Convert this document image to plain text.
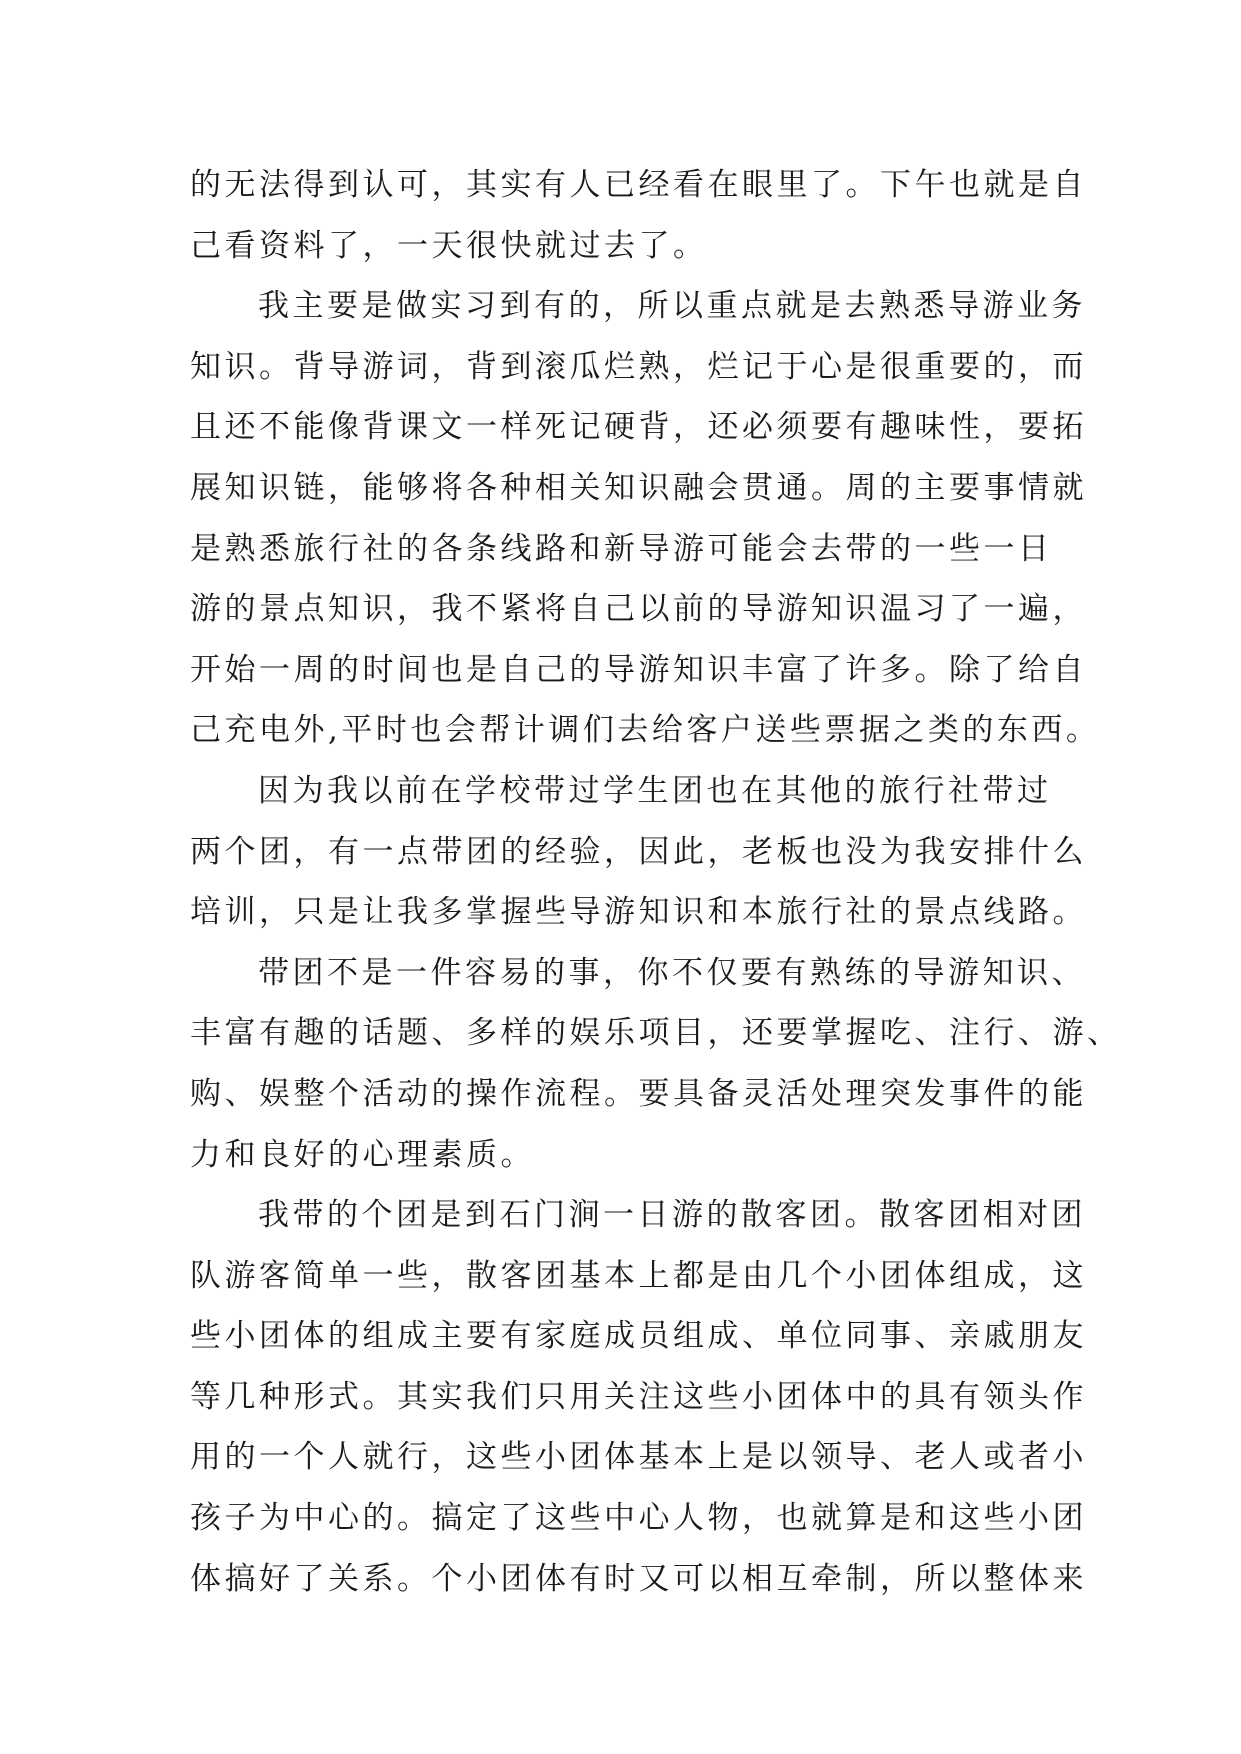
的无法得到认可，其实有人已经看在眼里了。下午也就是自
己看资料了，一天很快就过去了。
我主要是做实习到有的，所以重点就是去熟悉导游业务
知识。背导游词，背到滚瓜烂熟，烂记于心是很重要的，而
且还不能像背课文一样死记硬背，还必须要有趣味性，要拓
展知识链，能够将各种相关知识融会贯通。周的主要事情就
是熟悉旅行社的各条线路和新导游可能会去带的一些一日
游的景点知识，我不紧将自己以前的导游知识温习了一遍，
开始一周的时间也是自己的导游知识丰富了许多。除了给自
己充电外,平时也会帮计调们去给客户送些票据之类的东西。
因为我以前在学校带过学生团也在其他的旅行社带过
两个团，有一点带团的经验，因此，老板也没为我安排什么
培训，只是让我多掌握些导游知识和本旅行社的景点线路。
带团不是一件容易的事，你不仅要有熟练的导游知识、
丰富有趣的话题、多样的娱乐项目，还要掌握吃、注行、游、
购、娱整个活动的操作流程。要具备灵活处理突发事件的能
力和良好的心理素质。
我带的个团是到石门涧一日游的散客团。散客团相对团
队游客简单一些，散客团基本上都是由几个小团体组成，这
些小团体的组成主要有家庭成员组成、单位同事、亲戚朋友
等几种形式。其实我们只用关注这些小团体中的具有领头作
用的一个人就行，这些小团体基本上是以领导、老人或者小
孩子为中心的。搞定了这些中心人物，也就算是和这些小团
体搞好了关系。个小团体有时又可以相互牵制，所以整体来
